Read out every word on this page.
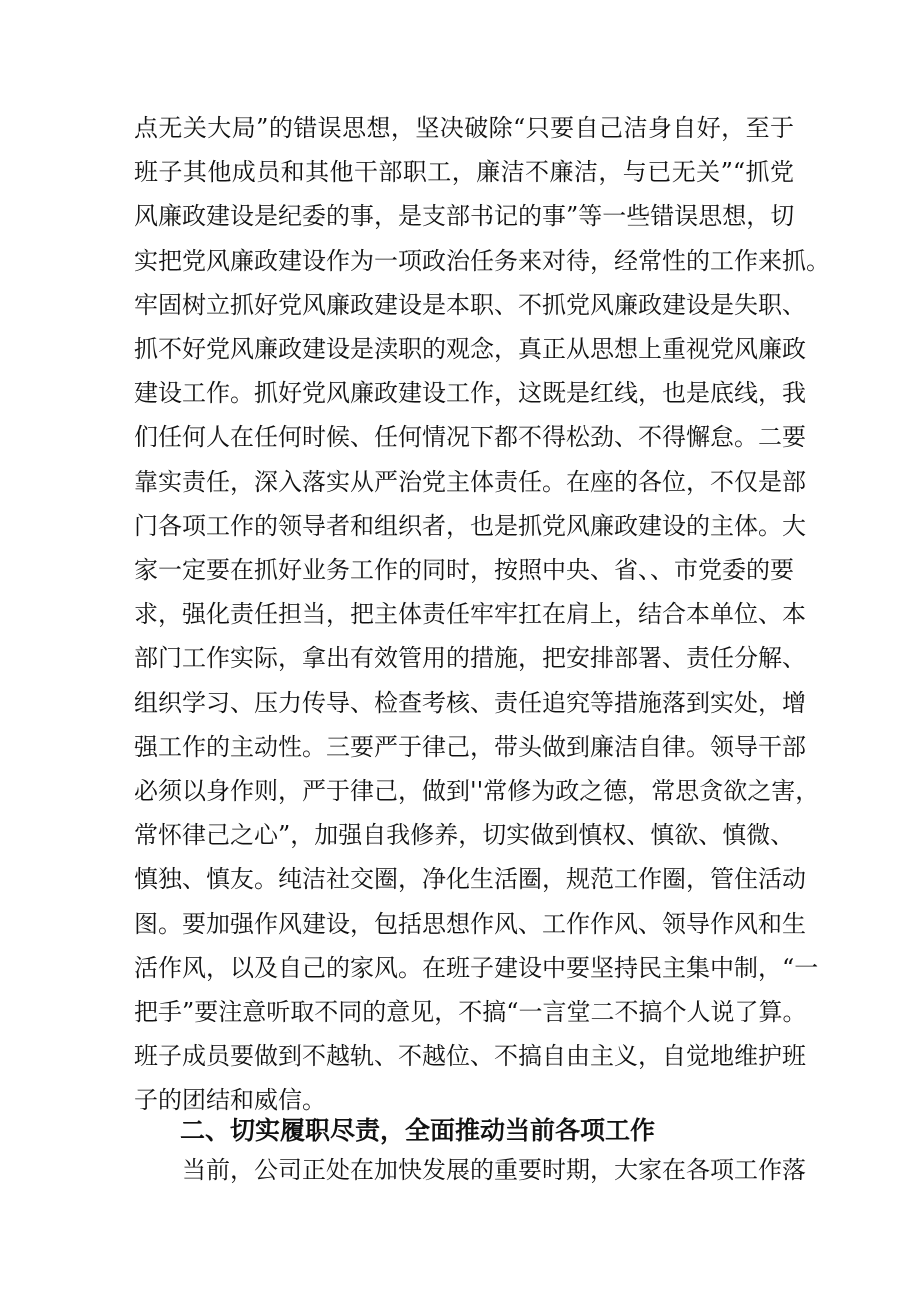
点无关大局”的错误思想，坚决破除“只要自己洁身自好，至于
班子其他成员和其他干部职工，廉洁不廉洁，与已无关”“抓党
风廉政建设是纪委的事，是支部书记的事”等一些错误思想，切
实把党风廉政建设作为一项政治任务来对待，经常性的工作来抓。
牢固树立抓好党风廉政建设是本职、不抓党风廉政建设是失职、
抓不好党风廉政建设是渎职的观念，真正从思想上重视党风廉政
建设工作。抓好党风廉政建设工作，这既是红线，也是底线，我
们任何人在任何时候、任何情况下都不得松劲、不得懈怠。二要
靠实责任，深入落实从严治党主体责任。在座的各位，不仅是部
门各项工作的领导者和组织者，也是抓党风廉政建设的主体。大
家一定要在抓好业务工作的同时，按照中央、省、、市党委的要
求，强化责任担当，把主体责任牢牢扛在肩上，结合本单位、本
部门工作实际，拿出有效管用的措施，把安排部署、责任分解、
组织学习、压力传导、检查考核、责任追究等措施落到实处，增
强工作的主动性。三要严于律己，带头做到廉洁自律。领导干部
必须以身作则，严于律己，做到''常修为政之德，常思贪欲之害，
常怀律己之心”，加强自我修养，切实做到慎权、慎欲、慎微、
慎独、慎友。纯洁社交圈，净化生活圈，规范工作圈，管住活动
图。要加强作风建设，包括思想作风、工作作风、领导作风和生
活作风，以及自己的家风。在班子建设中要坚持民主集中制，“一
把手”要注意听取不同的意见，不搞“一言堂二不搞个人说了算。
班子成员要做到不越轨、不越位、不搞自由主义，自觉地维护班
子的团结和威信。
二、切实履职尽责，全面推动当前各项工作
当前，公司正处在加快发展的重要时期，大家在各项工作落
